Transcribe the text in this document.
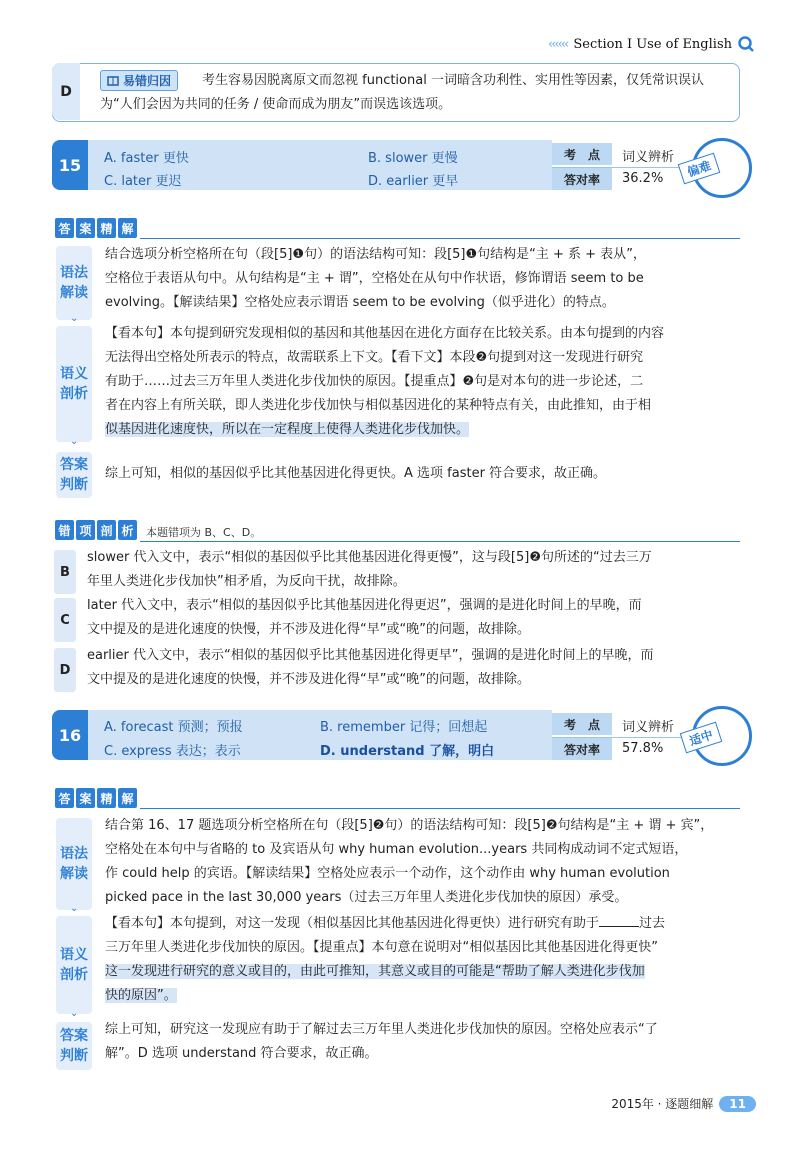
‹‹‹‹‹‹ Section I Use of English
D
考生容易因脱离原文而忽视 functional 一词暗含功利性、实用性等因素，仅凭常识误认为“人们会因为共同的任务 / 使命而成为朋友”而误选该选项。
易错归因
15	A. faster 更快	B. slower 更慢
C. later 更迟	D. earlier 更早
考　点	词义辨析
答对率	36.2%	偏难
答 案 精 解
语法解读
⌄
结合选项分析空格所在句（段[5]❶句）的语法结构可知：段[5]❶句结构是“主 + 系 + 表从”，
空格位于表语从句中。从句结构是“主 + 谓”，空格处在从句中作状语，修饰谓语 seem to be
evolving。【解读结果】空格处应表示谓语 seem to be evolving（似乎进化）的特点。
语义剖析
⌄
【看本句】本句提到研究发现相似的基因和其他基因在进化方面存在比较关系。由本句提到的内容
无法得出空格处所表示的特点，故需联系上下文。【看下文】本段❷句提到对这一发现进行研究
有助于……过去三万年里人类进化步伐加快的原因。【提重点】❷句是对本句的进一步论述，二
者在内容上有所关联，即人类进化步伐加快与相似基因进化的某种特点有关，由此推知，由于相
似基因进化速度快，所以在一定程度上使得人类进化步伐加快。
答案判断
综上可知，相似的基因似乎比其他基因进化得更快。A 选项 faster 符合要求，故正确。
错 项 剖 析	本题错项为 B、C、D。
B
slower 代入文中，表示“相似的基因似乎比其他基因进化得更慢”，这与段[5]❷句所述的“过去三万
年里人类进化步伐加快”相矛盾，为反向干扰，故排除。
C
later 代入文中，表示“相似的基因似乎比其他基因进化得更迟”，强调的是进化时间上的早晚，而
文中提及的是进化速度的快慢，并不涉及进化得“早”或“晚”的问题，故排除。
D
earlier 代入文中，表示“相似的基因似乎比其他基因进化得更早”，强调的是进化时间上的早晚，而
文中提及的是进化速度的快慢，并不涉及进化得“早”或“晚”的问题，故排除。
16	A. forecast 预测；预报	B. remember 记得；回想起
C. express 表达；表示	D. understand 了解，明白
考　点	词义辨析
答对率	57.8%
适中
答 案 精 解
语法解读
⌄
结合第 16、17 题选项分析空格所在句（段[5]❷句）的语法结构可知：段[5]❷句结构是“主 + 谓 + 宾”，
空格处在本句中与省略的 to 及宾语从句 why human evolution...years 共同构成动词不定式短语，
作 could help 的宾语。【解读结果】空格处应表示一个动作，这个动作由 why human evolution
picked pace in the last 30,000 years（过去三万年里人类进化步伐加快的原因）承受。
语义剖析
⌄
【看本句】本句提到，对这一发现（相似基因比其他基因进化得更快）进行研究有助于	过去
三万年里人类进化步伐加快的原因。【提重点】本句意在说明对“相似基因比其他基因进化得更快”
这一发现进行研究的意义或目的，由此可推知，其意义或目的可能是“帮助了解人类进化步伐加
快的原因”。
答案判断
综上可知，研究这一发现应有助于了解过去三万年里人类进化步伐加快的原因。空格处应表示“了
解”。D 选项 understand 符合要求，故正确。
2015年 · 逐题细解	11
